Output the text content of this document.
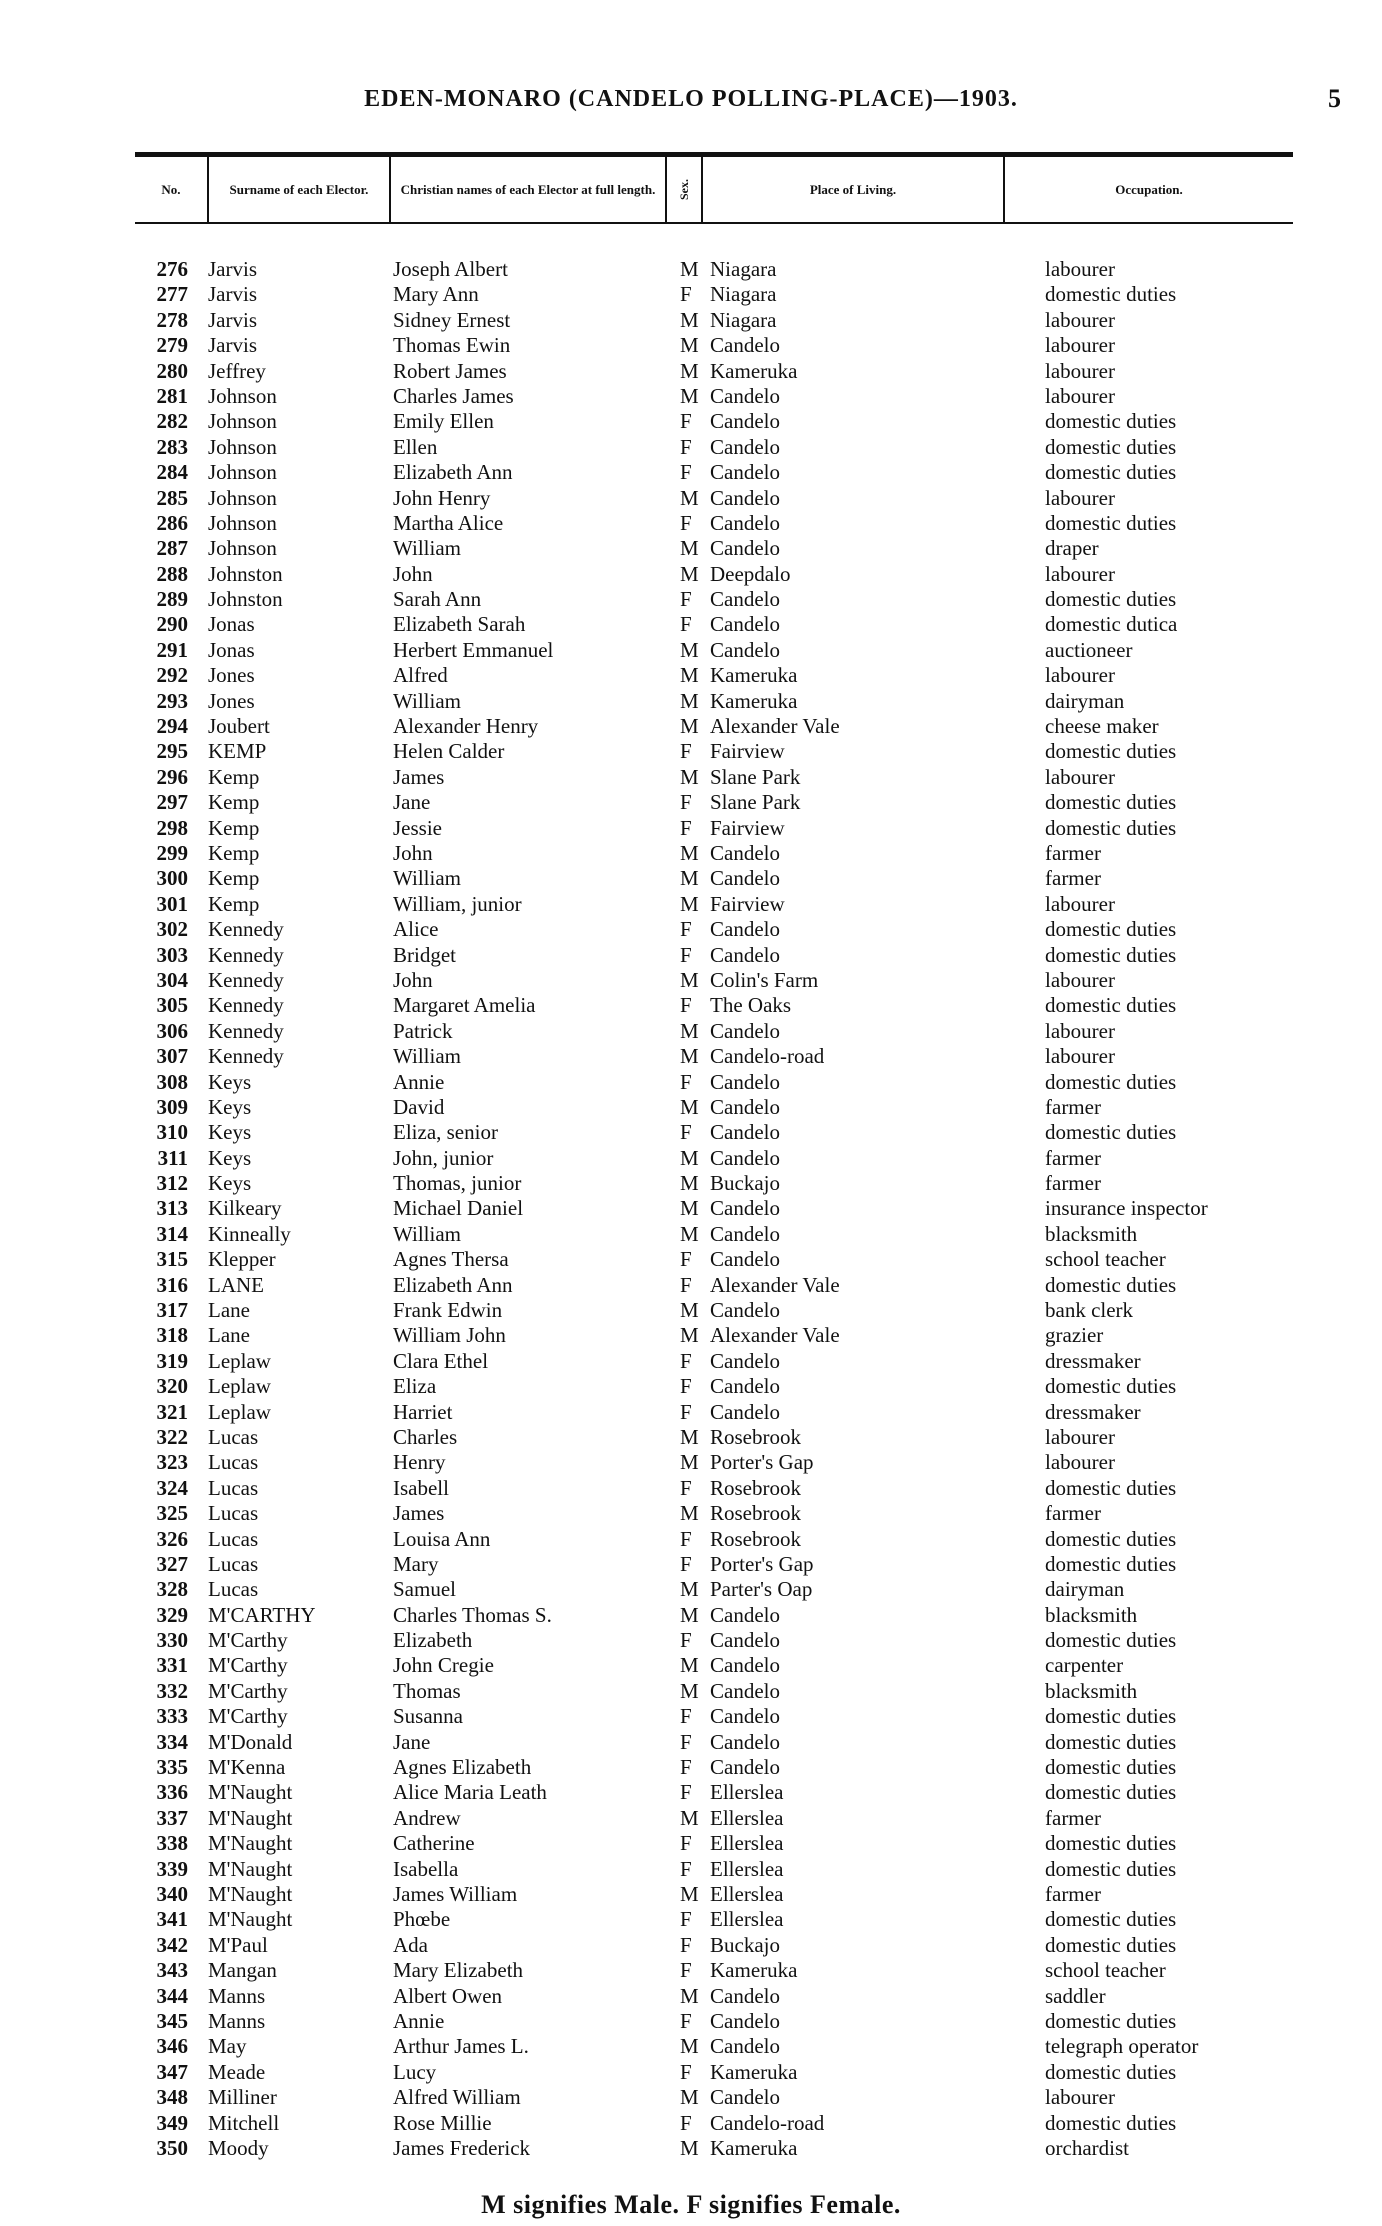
EDEN-MONARO (CANDELO POLLING-PLACE)—1903.	5
No.	Surname of each Elector.	Christian names of each Elector at full length.	Sex.	Place of Living.	Occupation.
276 Jarvis	Joseph Albert	M Niagara	labourer
277 Jarvis	Mary Ann	F Niagara	domestic duties
278 Jarvis	Sidney Ernest	M Niagara	labourer
279 Jarvis	Thomas Ewin	M Candelo	labourer
280 Jeffrey	Robert James	M Kameruka	labourer
281 Johnson	Charles James	M Candelo	labourer
282 Johnson	Emily Ellen	F Candelo	domestic duties
283 Johnson	Ellen	F Candelo	domestic duties
284 Johnson	Elizabeth Ann	F Candelo	domestic duties
285 Johnson	John Henry	M Candelo	labourer
286 Johnson	Martha Alice	F Candelo	domestic duties
287 Johnson	William	M Candelo	draper
288 Johnston	John	M Deepdalo	labourer
289 Johnston	Sarah Ann	F Candelo	domestic duties
290 Jonas	Elizabeth Sarah	F Candelo	domestic dutica
291 Jonas	Herbert Emmanuel	M Candelo	auctioneer
292 Jones	Alfred	M Kameruka	labourer
293 Jones	William	M Kameruka	dairyman
294 Joubert	Alexander Henry	M Alexander Vale	cheese maker
295 KEMP	Helen Calder	F Fairview	domestic duties
296 Kemp	James	M Slane Park	labourer
297 Kemp	Jane	F Slane Park	domestic duties
298 Kemp	Jessie	F Fairview	domestic duties
299 Kemp	John	M Candelo	farmer
300 Kemp	William	M Candelo	farmer
301 Kemp	William, junior	M Fairview	labourer
302 Kennedy	Alice	F Candelo	domestic duties
303 Kennedy	Bridget	F Candelo	domestic duties
304 Kennedy	John	M Colin's Farm	labourer
305 Kennedy	Margaret Amelia	F The Oaks	domestic duties
306 Kennedy	Patrick	M Candelo	labourer
307 Kennedy	William	M Candelo-road	labourer
308 Keys	Annie	F Candelo	domestic duties
309 Keys	David	M Candelo	farmer
310 Keys	Eliza, senior	F Candelo	domestic duties
311 Keys	John, junior	M Candelo	farmer
312 Keys	Thomas, junior	M Buckajo	farmer
313 Kilkeary	Michael Daniel	M Candelo	insurance inspector
314 Kinneally	William	M Candelo	blacksmith
315 Klepper	Agnes Thersa	F Candelo	school teacher
316 LANE	Elizabeth Ann	F Alexander Vale	domestic duties
317 Lane	Frank Edwin	M Candelo	bank clerk
318 Lane	William John	M Alexander Vale	grazier
319 Leplaw	Clara Ethel	F Candelo	dressmaker
320 Leplaw	Eliza	F Candelo	domestic duties
321 Leplaw	Harriet	F Candelo	dressmaker
322 Lucas	Charles	M Rosebrook	labourer
323 Lucas	Henry	M Porter's Gap	labourer
324 Lucas	Isabell	F Rosebrook	domestic duties
325 Lucas	James	M Rosebrook	farmer
326 Lucas	Louisa Ann	F Rosebrook	domestic duties
327 Lucas	Mary	F Porter's Gap	domestic duties
328 Lucas	Samuel	M Parter's Oap	dairyman
329 M'CARTHY	Charles Thomas S.	M Candelo	blacksmith
330 M'Carthy	Elizabeth	F Candelo	domestic duties
331 M'Carthy	John Cregie	M Candelo	carpenter
332 M'Carthy	Thomas	M Candelo	blacksmith
333 M'Carthy	Susanna	F Candelo	domestic duties
334 M'Donald	Jane	F Candelo	domestic duties
335 M'Kenna	Agnes Elizabeth	F Candelo	domestic duties
336 M'Naught	Alice Maria Leath	F Ellerslea	domestic duties
337 M'Naught	Andrew	M Ellerslea	farmer
338 M'Naught	Catherine	F Ellerslea	domestic duties
339 M'Naught	Isabella	F Ellerslea	domestic duties
340 M'Naught	James William	M Ellerslea	farmer
341 M'Naught	Phœbe	F Ellerslea	domestic duties
342 M'Paul	Ada	F Buckajo	domestic duties
343 Mangan	Mary Elizabeth	F Kameruka	school teacher
344 Manns	Albert Owen	M Candelo	saddler
345 Manns	Annie	F Candelo	domestic duties
346 May	Arthur James L.	M Candelo	telegraph operator
347 Meade	Lucy	F Kameruka	domestic duties
348 Milliner	Alfred William	M Candelo	labourer
349 Mitchell	Rose Millie	F Candelo-road	domestic duties
350 Moody	James Frederick	M Kameruka	orchardist
M signifies Male. F signifies Female.
